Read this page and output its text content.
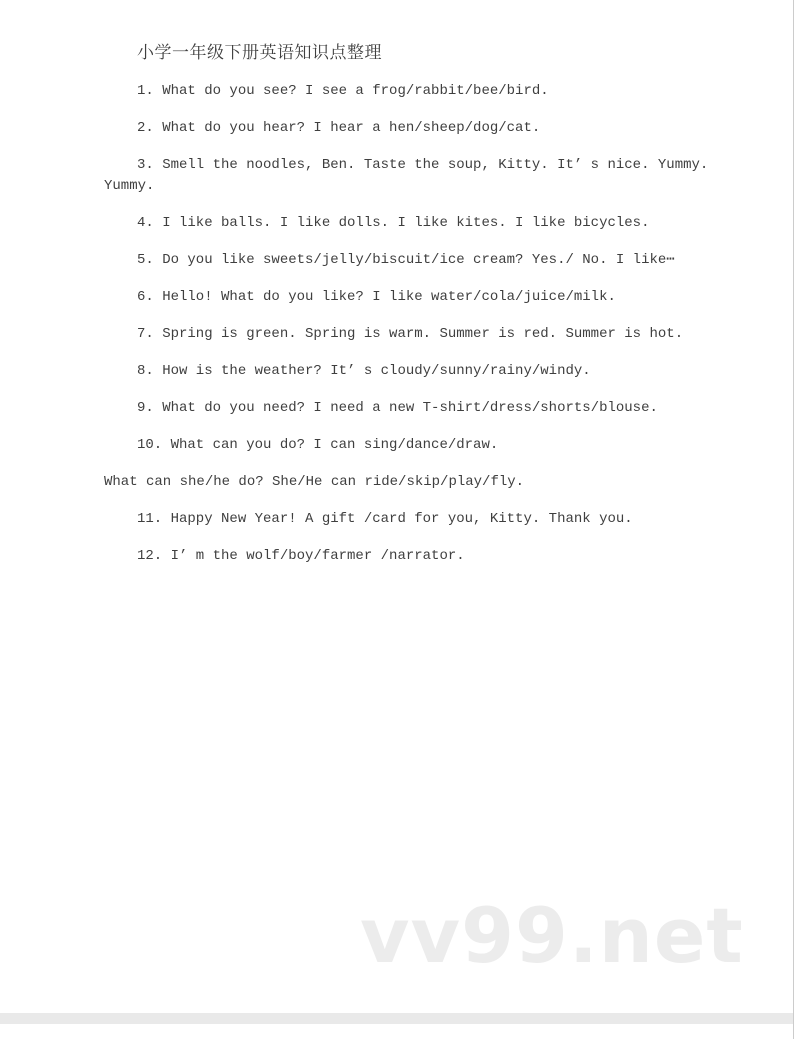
小学一年级下册英语知识点整理
1. What do you see? I see a frog/rabbit/bee/bird.
2. What do you hear? I hear a hen/sheep/dog/cat.
3. Smell the noodles, Ben. Taste the soup, Kitty. It’ s nice. Yummy.
Yummy.
4. I like balls. I like dolls. I like kites. I like bicycles.
5. Do you like sweets/jelly/biscuit/ice cream? Yes./ No. I like⋯
6. Hello! What do you like? I like water/cola/juice/milk.
7. Spring is green. Spring is warm. Summer is red. Summer is hot.
8. How is the weather? It’ s cloudy/sunny/rainy/windy.
9. What do you need? I need a new T-shirt/dress/shorts/blouse.
10. What can you do? I can sing/dance/draw.
What can she/he do? She/He can ride/skip/play/fly.
11. Happy New Year! A gift /card for you, Kitty. Thank you.
12. I’ m the wolf/boy/farmer /narrator.
vv99.net
